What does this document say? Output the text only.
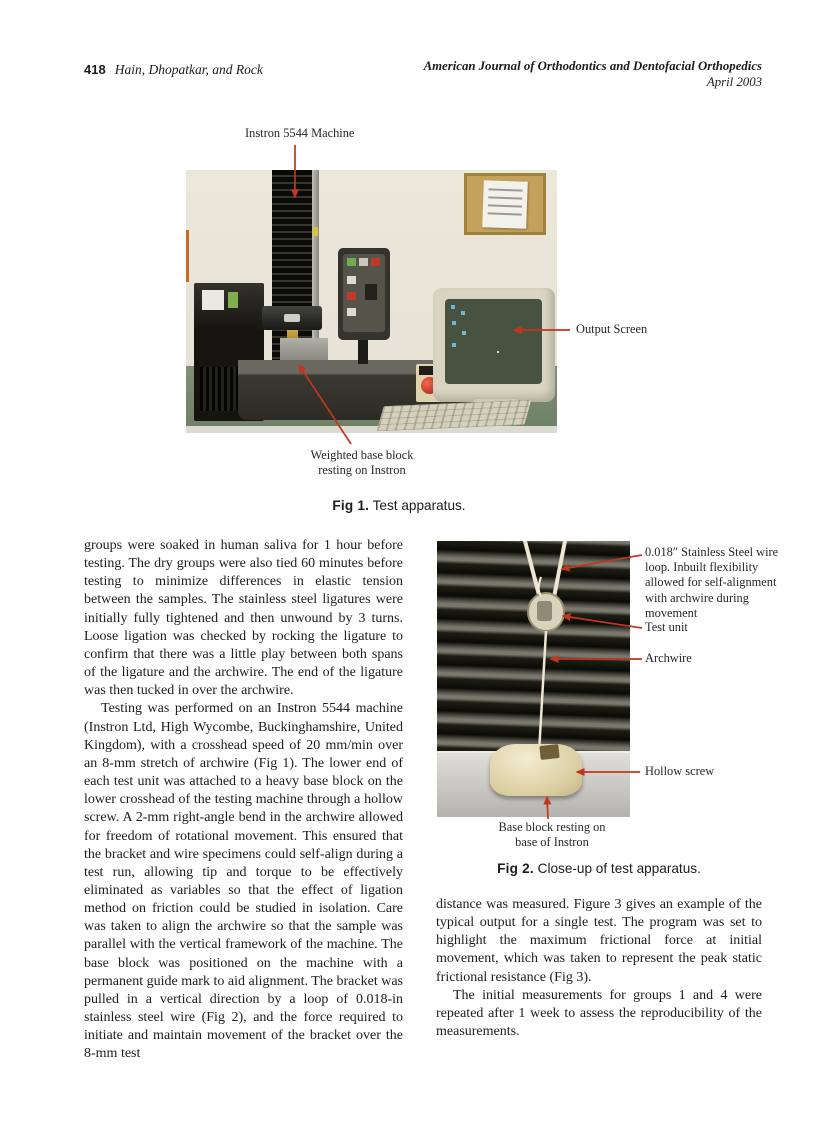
418 Hain, Dhopatkar, and Rock	American Journal of Orthodontics and Dentofacial Orthopedics
April 2003
Instron 5544 Machine
Output Screen
Weighted base block
resting on Instron
Fig 1. Test apparatus.

groups were soaked in human saliva for 1 hour before testing. The dry groups were also tied 60 minutes before testing to minimize differences in elastic tension between the samples. The stainless steel ligatures were initially fully tightened and then unwound by 3 turns. Loose ligation was checked by rocking the ligature to confirm that there was a little play between both spans of the ligature and the archwire. The end of the ligature was then tucked in over the archwire.

Testing was performed on an Instron 5544 machine (Instron Ltd, High Wycombe, Buckinghamshire, United Kingdom), with a crosshead speed of 20 mm/min over an 8-mm stretch of archwire (Fig 1). The lower end of each test unit was attached to a heavy base block on the lower crosshead of the testing machine through a hollow screw. A 2-mm right-angle bend in the archwire allowed for freedom of rotational movement. This ensured that the bracket and wire specimens could self-align during a test run, allowing tip and torque to be effectively eliminated as variables so that the effect of ligation method on friction could be studied in isolation. Care was taken to align the archwire so that the sample was parallel with the vertical framework of the machine. The base block was positioned on the machine with a permanent guide mark to aid alignment. The bracket was pulled in a vertical direction by a loop of 0.018-in stainless steel wire (Fig 2), and the force required to initiate and maintain movement of the bracket over the 8-mm test

0.018″ Stainless Steel wire
loop. Inbuilt flexibility
allowed for self-alignment
with archwire during
movement
Test unit
Archwire
Hollow screw
Base block resting on
base of Instron
Fig 2. Close-up of test apparatus.

distance was measured. Figure 3 gives an example of the typical output for a single test. The program was set to highlight the maximum frictional force at initial movement, which was taken to represent the peak static frictional resistance (Fig 3).

The initial measurements for groups 1 and 4 were repeated after 1 week to assess the reproducibility of the measurements.
